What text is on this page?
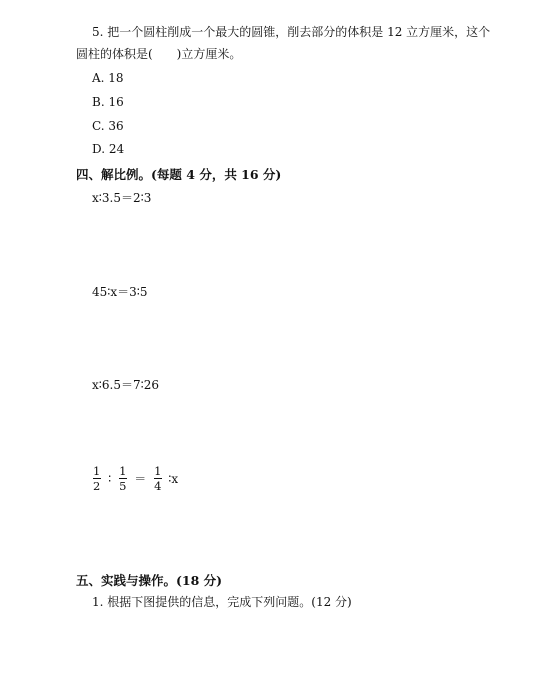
5. 把一个圆柱削成一个最大的圆锥，削去部分的体积是 12 立方厘米，这个
圆柱的体积是(　　)立方厘米。
A. 18
B. 16
C. 36
D. 24
四、解比例。(每题 4 分，共 16 分)
x∶3.5＝2∶3
45∶x＝3∶5
x∶6.5＝7∶26
$\frac{1}{2}$ ∶ $\frac{1}{5} = \frac{1}{4}$ ∶x
五、实践与操作。(18 分)
1. 根据下图提供的信息，完成下列问题。(12 分)
